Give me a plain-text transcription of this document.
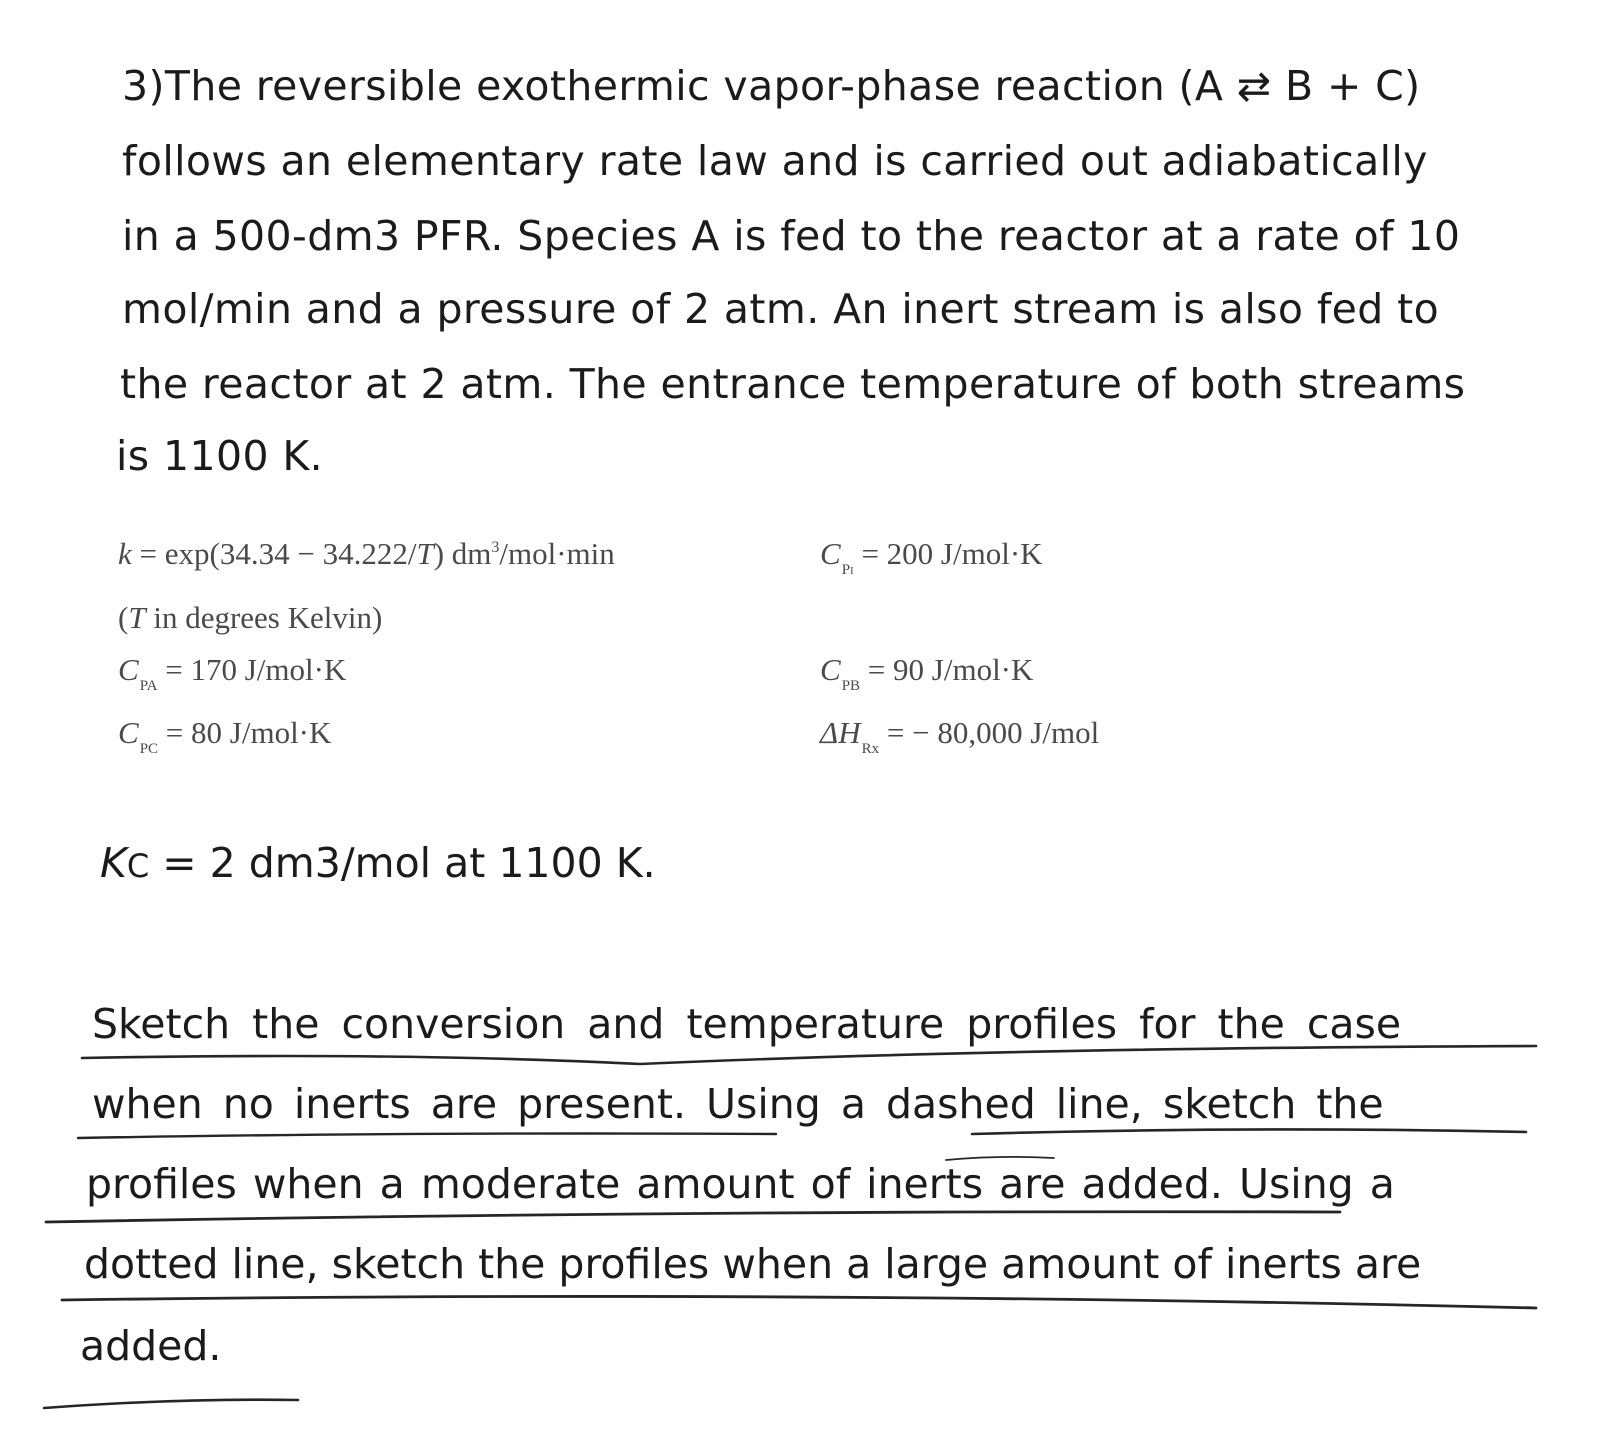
3)The reversible exothermic vapor-phase reaction (A ⇄ B + C)
follows an elementary rate law and is carried out adiabatically
in a 500-dm3 PFR. Species A is fed to the reactor at a rate of 10
mol/min and a pressure of 2 atm. An inert stream is also fed to
the reactor at 2 atm. The entrance temperature of both streams
is 1100 K.
k = exp(34.34 − 34.222/T) $dm^3/mol\cdot\min$	$C_{PI} = 200$ J/mol·K
(T in degrees Kelvin)
$C_{PA} = 170$ J/mol·K	$C_{PB} = 90$ J/mol·K
$C_{PC} = 80$ J/mol·K	$\Delta H_{Rx}$ = − 80,000 J/mol
KC = 2 dm3/mol at 1100 K.
Sketch the conversion and temperature profiles for the case
when no inerts are present. Using a dashed line, sketch the
profiles when a moderate amount of inerts are added. Using a
dotted line, sketch the profiles when a large amount of inerts are
added.
